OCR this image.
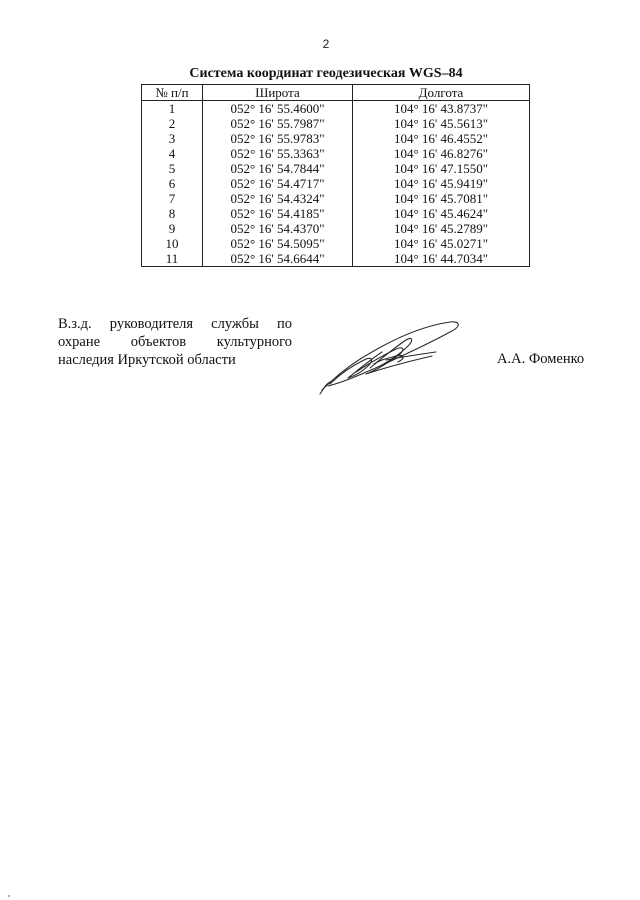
2
Система координат геодезическая WGS–84
№ п/п	Широта	Долгота
1	052° 16' 55.4600"	104° 16' 43.8737"
2	052° 16' 55.7987"	104° 16' 45.5613"
3	052° 16' 55.9783"	104° 16' 46.4552"
4	052° 16' 55.3363"	104° 16' 46.8276"
5	052° 16' 54.7844"	104° 16' 47.1550"
6	052° 16' 54.4717"	104° 16' 45.9419"
7	052° 16' 54.4324"	104° 16' 45.7081"
8	052° 16' 54.4185"	104° 16' 45.4624"
9	052° 16' 54.4370"	104° 16' 45.2789"
10	052° 16' 54.5095"	104° 16' 45.0271"
11	052° 16' 54.6644"	104° 16' 44.7034"
В.з.д. руководителя службы по
охране объектов культурного
наследия Иркутской области	А.А. Фоменко
